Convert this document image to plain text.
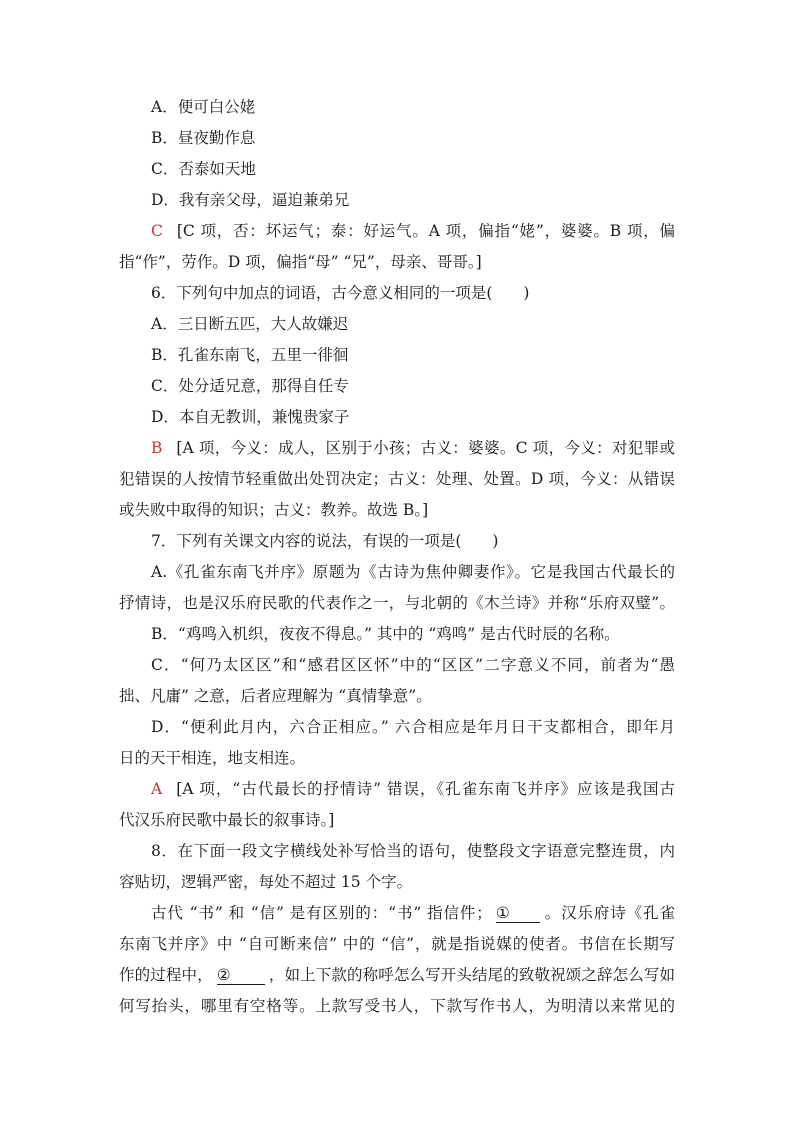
A．便可白公姥
B．昼夜勤作息
C．否泰如天地
D．我有亲父母，逼迫兼弟兄
C [C 项，否：坏运气；泰：好运气。A 项，偏指“姥”，婆婆。B 项，偏
指“作”，劳作。D 项，偏指“母” “兄”，母亲、哥哥。]
6．下列句中加点的词语，古今意义相同的一项是(　　)
A．三日断五匹，大人故嫌迟
B．孔雀东南飞，五里一徘徊
C．处分适兄意，那得自任专
D．本自无教训，兼愧贵家子
B [A 项，今义：成人，区别于小孩；古义：婆婆。C 项，今义：对犯罪或
犯错误的人按情节轻重做出处罚决定；古义：处理、处置。D 项，今义：从错误
或失败中取得的知识；古义：教养。故选 B。]
7．下列有关课文内容的说法，有误的一项是(　　)
A.《孔雀东南飞并序》原题为《古诗为焦仲卿妻作》。它是我国古代最长的
抒情诗，也是汉乐府民歌的代表作之一，与北朝的《木兰诗》并称“乐府双璧”。
B．“鸡鸣入机织，夜夜不得息。” 其中的 “鸡鸣” 是古代时辰的名称。
C．“何乃太区区”和“感君区区怀”中的“区区”二字意义不同，前者为“愚
拙、凡庸” 之意，后者应理解为 “真情挚意”。
D．“便利此月内，六合正相应。” 六合相应是年月日干支都相合，即年月
日的天干相连，地支相连。
A [A 项，“古代最长的抒情诗” 错误，《孔雀东南飞并序》应该是我国古
代汉乐府民歌中最长的叙事诗。]
8．在下面一段文字横线处补写恰当的语句，使整段文字语意完整连贯，内
容贴切，逻辑严密，每处不超过 15 个字。
古代 “书” 和 “信” 是有区别的：“书” 指信件； ① 。汉乐府诗《孔雀
东南飞并序》中 “自可断来信” 中的 “信”，就是指说媒的使者。书信在长期写
作的过程中， ② ，如上下款的称呼怎么写开头结尾的致敬祝颂之辞怎么写如
何写抬头，哪里有空格等。上款写受书人，下款写作书人，为明清以来常见的
